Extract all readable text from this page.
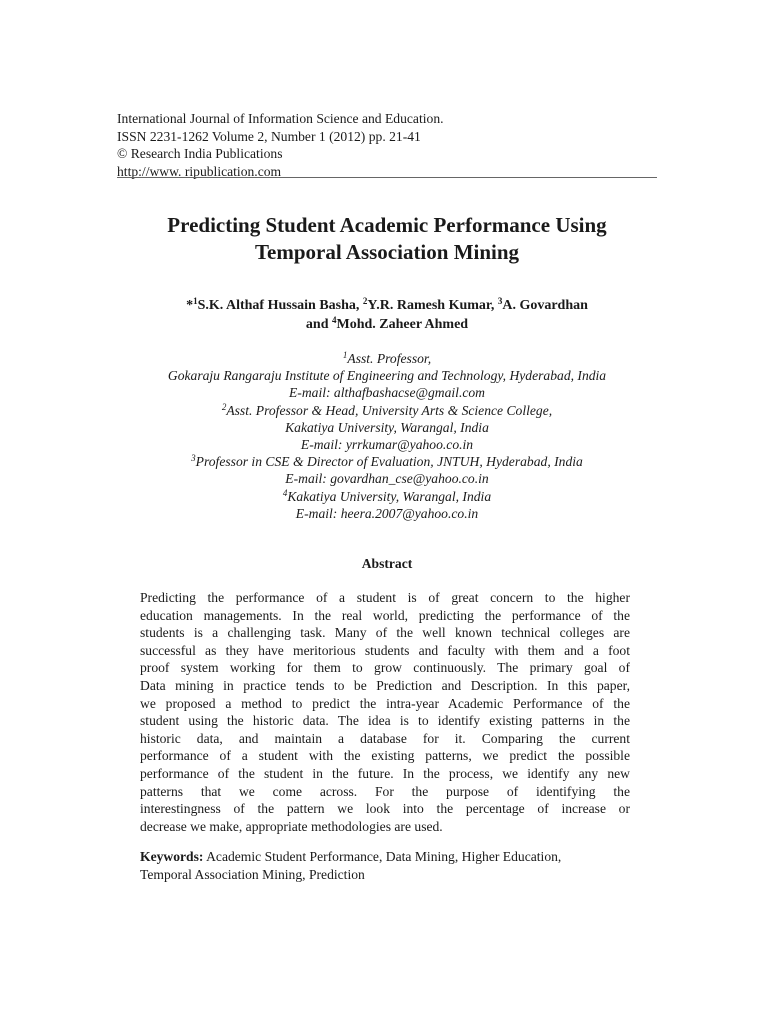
International Journal of Information Science and Education.
ISSN 2231-1262 Volume 2, Number 1 (2012) pp. 21-41
© Research India Publications
http://www. ripublication.com
Predicting Student Academic Performance Using
Temporal Association Mining
*$^1$S.K. Althaf Hussain Basha, $^2$Y.R. Ramesh Kumar, $^3$A. Govardhan
and $^4$Mohd. Zaheer Ahmed
$^1$Asst. Professor,
Gokaraju Rangaraju Institute of Engineering and Technology, Hyderabad, India
E-mail: althafbashacse@gmail.com
$^2$Asst. Professor & Head, University Arts & Science College,
Kakatiya University, Warangal, India
E-mail: yrrkumar@yahoo.co.in
$^3$Professor in CSE & Director of Evaluation, JNTUH, Hyderabad, India
E-mail: govardhan_cse@yahoo.co.in
$^4$Kakatiya University, Warangal, India
E-mail: heera.2007@yahoo.co.in
Abstract
Predicting the performance of a student is of great concern to the higher
education managements. In the real world, predicting the performance of the
students is a challenging task. Many of the well known technical colleges are
successful as they have meritorious students and faculty with them and a foot
proof system working for them to grow continuously. The primary goal of
Data mining in practice tends to be Prediction and Description. In this paper,
we proposed a method to predict the intra-year Academic Performance of the
student using the historic data. The idea is to identify existing patterns in the
historic data, and maintain a database for it. Comparing the current
performance of a student with the existing patterns, we predict the possible
performance of the student in the future. In the process, we identify any new
patterns that we come across. For the purpose of identifying the
interestingness of the pattern we look into the percentage of increase or
decrease we make, appropriate methodologies are used.
Keywords: Academic Student Performance, Data Mining, Higher Education,
Temporal Association Mining, Prediction
